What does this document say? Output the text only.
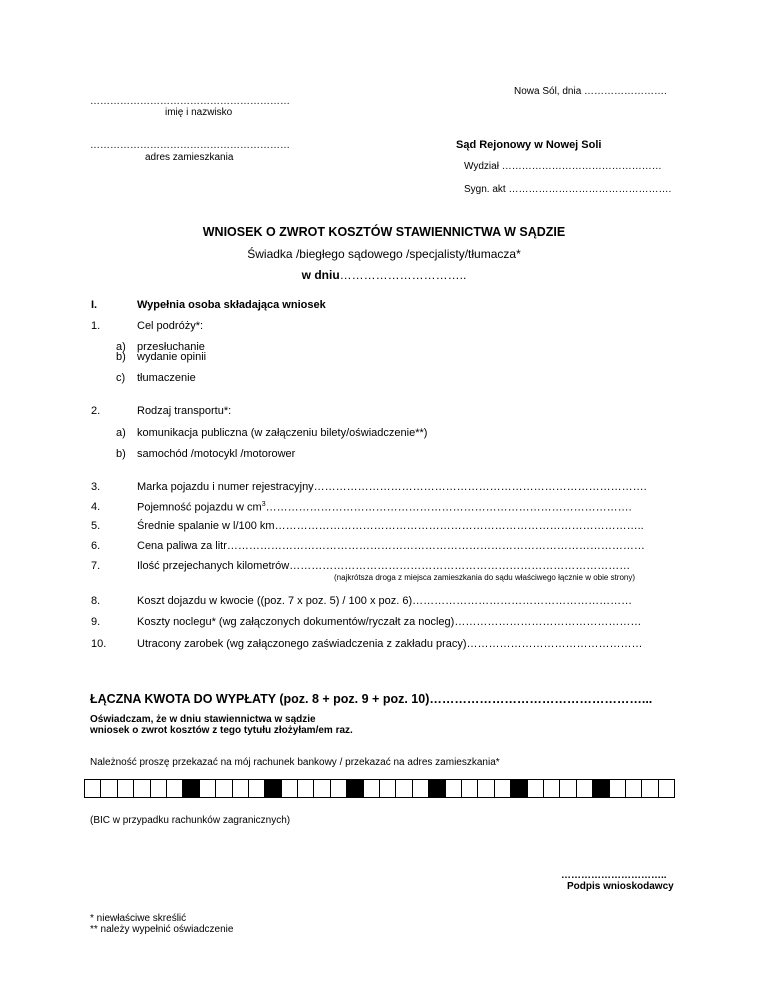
Nowa Sól, dnia …………………….
……………………………………………………
imię i nazwisko
……………………………………………………
adres zamieszkania
Sąd Rejonowy w Nowej Soli
Wydział …………………………………………
Sygn. akt ………………………………………….
WNIOSEK O ZWROT KOSZTÓW STAWIENNICTWA W SĄDZIE
Świadka /biegłego sądowego /specjalisty/tłumacza*
w dniu…………………………..
I.	Wypełnia osoba składająca wniosek
1.	Cel podróży*:
a) przesłuchanie
b) wydanie opinii
c) tłumaczenie
2.	Rodzaj transportu*:
a) komunikacja publiczna (w załączeniu bilety/oświadczenie**)
b) samochód /motocykl /motorower
3.	Marka pojazdu i numer rejestracyjny……………………………………………………………………………….
4.	Pojemność pojazdu w $cm^3\dots\dots\dots\dots\dots\dots\dots\dots\dots\dots\dots\dots\dots\dots\dots\dots\dots\dots\dots\dots\dots\dots\dots\dots\dots\dots\dots\dots\dots\dots\dots\dots\dots$.
5.	Średnie spalanie w l/100 km………………………………………………………………………………………..
6.	Cena paliwa za litr……………………………………………………………………………………………………
7.	Ilość przejechanych kilometrów…………………………………………………………………………………
(najkrótsza droga z miejsca zamieszkania do sądu właściwego łącznie w obie strony)
8.	Koszt dojazdu w kwocie ((poz. 7 x poz. 5) / 100 x poz. 6)……………………………………………………
9.	Koszty noclegu* (wg załączonych dokumentów/ryczałt za nocleg)……………………………………………
10.	Utracony zarobek (wg załączonego zaświadczenia z zakładu pracy)…………………………………………
ŁĄCZNA KWOTA DO WYPŁATY (poz. 8 + poz. 9 + poz. 10)……………………………………………...
Oświadczam, że w dniu stawiennictwa w sądzie
wniosek o zwrot kosztów z tego tytułu złożyłam/em raz.
Należność proszę przekazać na mój rachunek bankowy / przekazać na adres zamieszkania*
(BIC w przypadku rachunków zagranicznych)
…………………………..
Podpis wnioskodawcy
* niewłaściwe skreślić
** należy wypełnić oświadczenie
